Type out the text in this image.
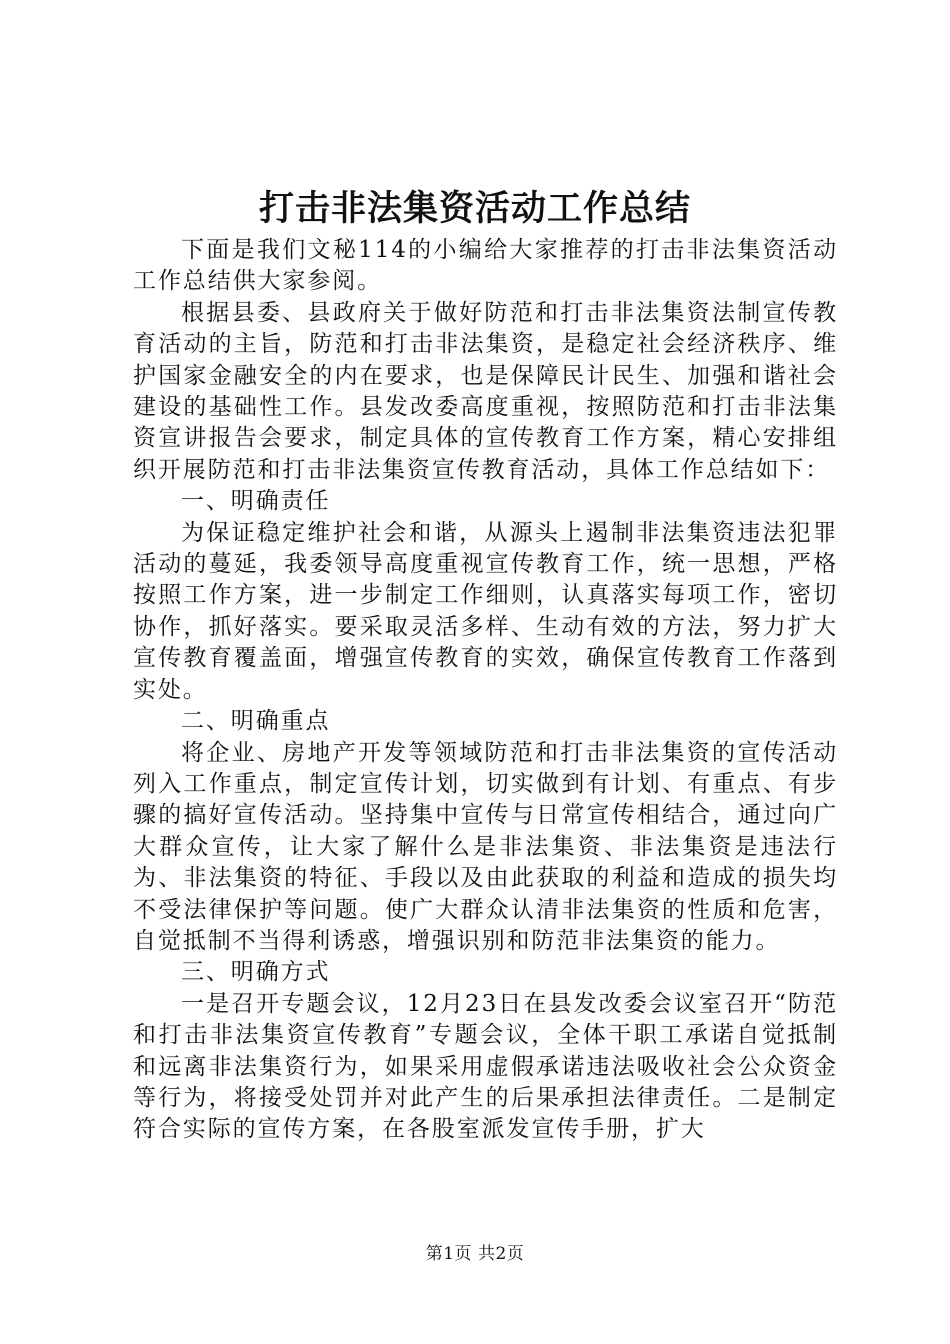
打击非法集资活动工作总结

下面是我们文秘114的小编给大家推荐的打击非法集资活动工作总结供大家参阅。

根据县委、县政府关于做好防范和打击非法集资法制宣传教育活动的主旨，防范和打击非法集资，是稳定社会经济秩序、维护国家金融安全的内在要求，也是保障民计民生、加强和谐社会建设的基础性工作。县发改委高度重视，按照防范和打击非法集资宣讲报告会要求，制定具体的宣传教育工作方案，精心安排组织开展防范和打击非法集资宣传教育活动，具体工作总结如下：

一、明确责任

为保证稳定维护社会和谐，从源头上遏制非法集资违法犯罪活动的蔓延，我委领导高度重视宣传教育工作，统一思想，严格按照工作方案，进一步制定工作细则，认真落实每项工作，密切协作，抓好落实。要采取灵活多样、生动有效的方法，努力扩大宣传教育覆盖面，增强宣传教育的实效，确保宣传教育工作落到实处。

二、明确重点

将企业、房地产开发等领域防范和打击非法集资的宣传活动列入工作重点，制定宣传计划，切实做到有计划、有重点、有步骤的搞好宣传活动。坚持集中宣传与日常宣传相结合，通过向广大群众宣传，让大家了解什么是非法集资、非法集资是违法行为、非法集资的特征、手段以及由此获取的利益和造成的损失均不受法律保护等问题。使广大群众认清非法集资的性质和危害，自觉抵制不当得利诱惑，增强识别和防范非法集资的能力。

三、明确方式

一是召开专题会议，12月23日在县发改委会议室召开“防范和打击非法集资宣传教育”专题会议，全体干职工承诺自觉抵制和远离非法集资行为，如果采用虚假承诺违法吸收社会公众资金等行为，将接受处罚并对此产生的后果承担法律责任。二是制定符合实际的宣传方案，在各股室派发宣传手册，扩大

第1页 共2页
